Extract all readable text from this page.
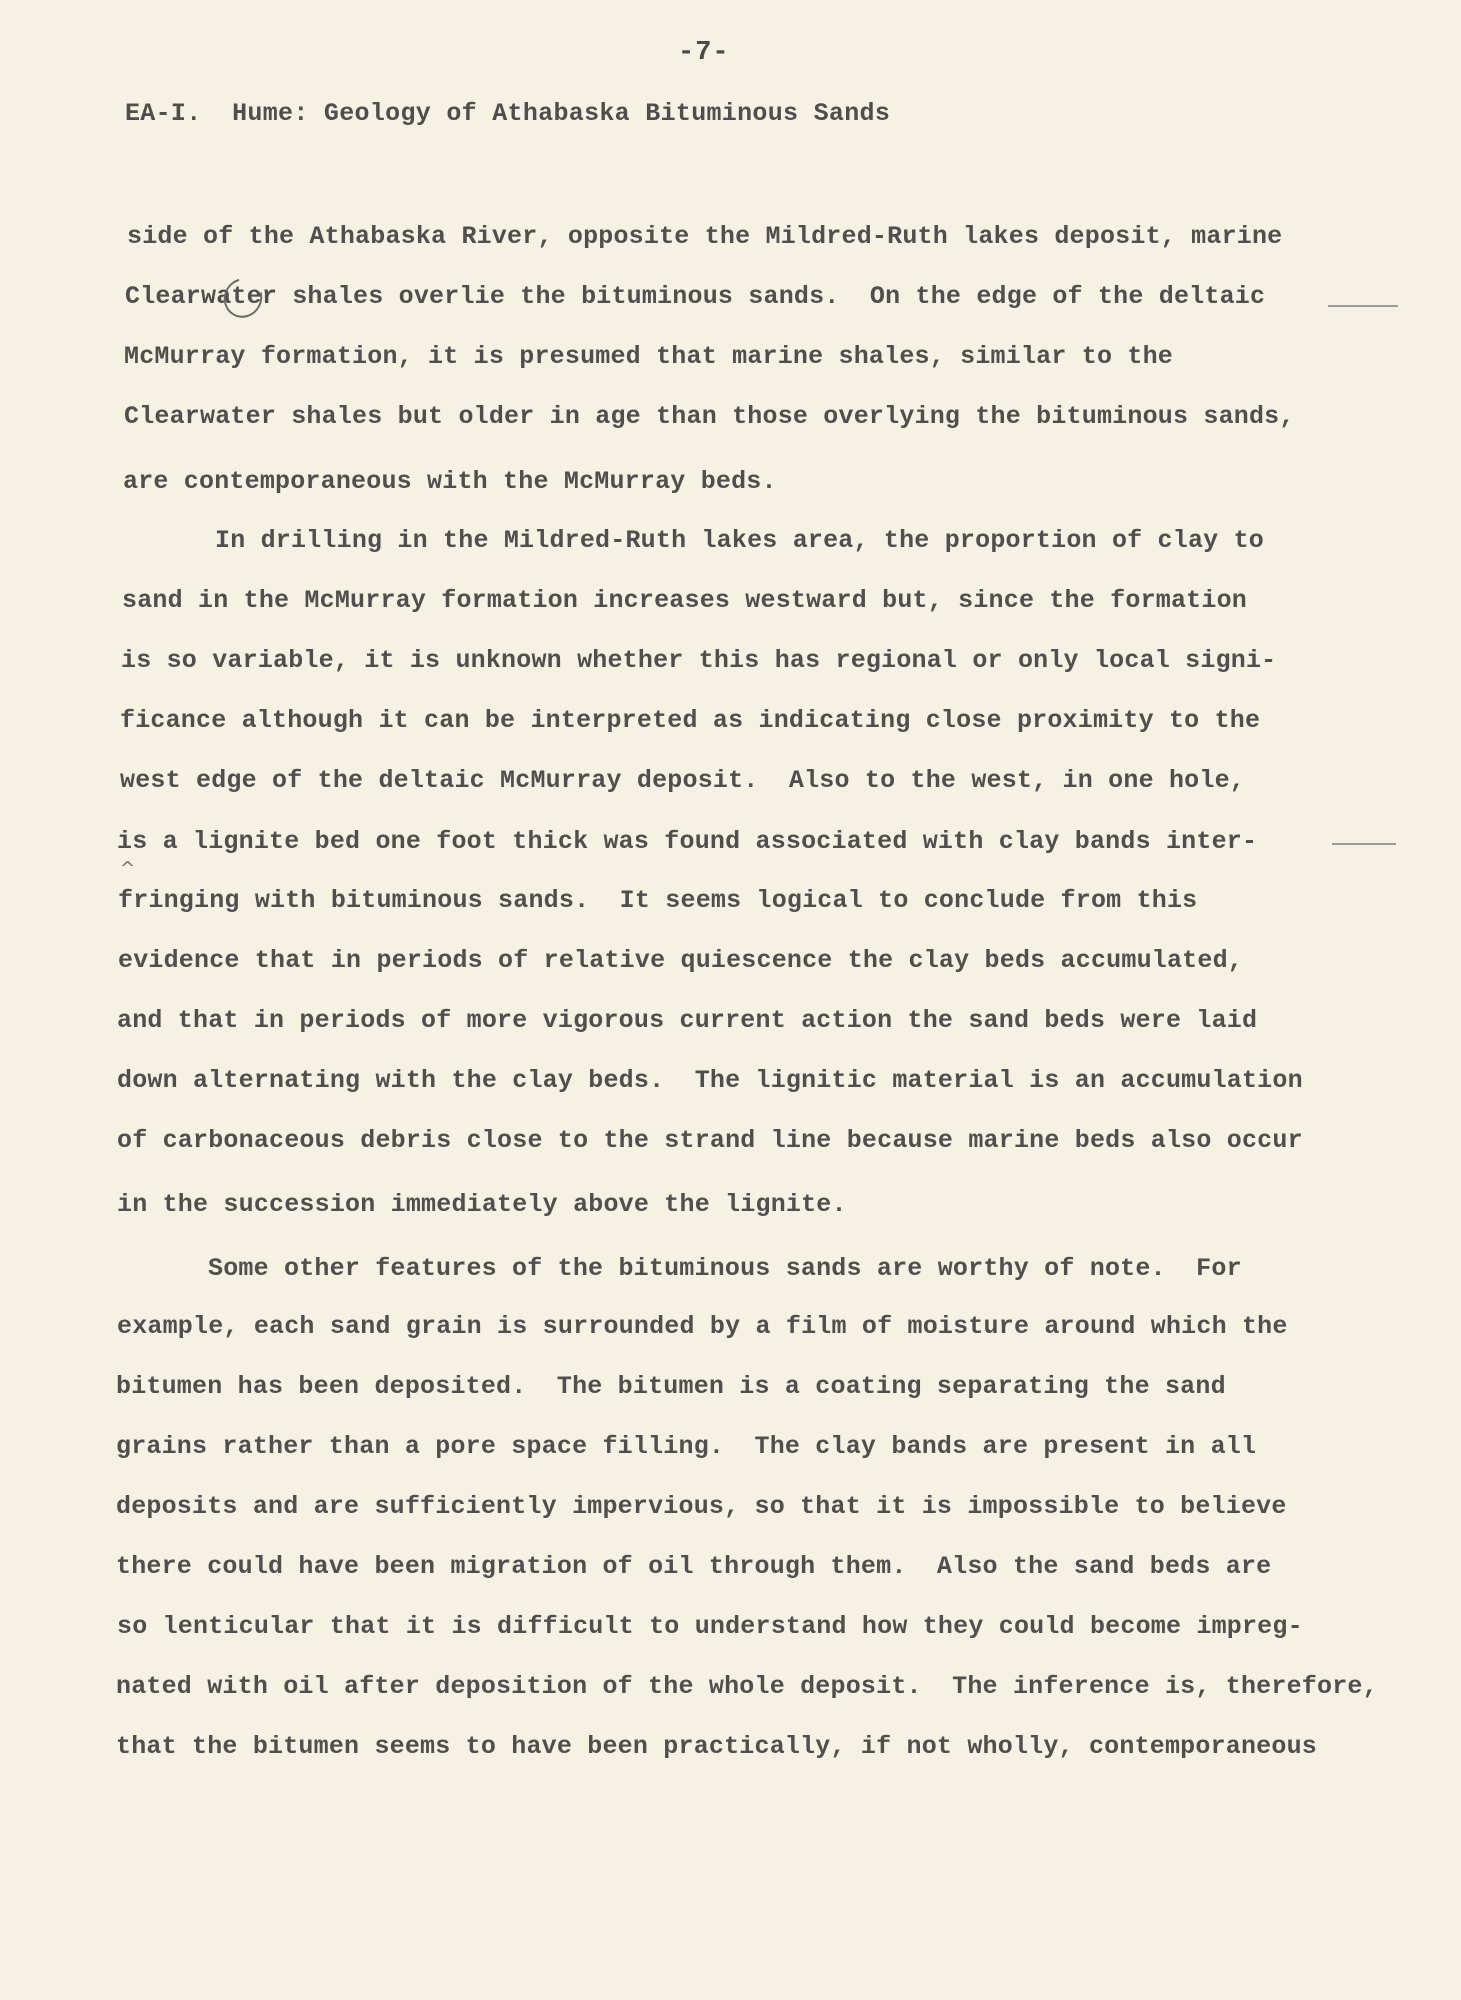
-7-
EA-I.  Hume: Geology of Athabaska Bituminous Sands
side of the Athabaska River, opposite the Mildred-Ruth lakes deposit, marine
Clearwater shales overlie the bituminous sands.  On the edge of the deltaic
McMurray formation, it is presumed that marine shales, similar to the
Clearwater shales but older in age than those overlying the bituminous sands,
are contemporaneous with the McMurray beds.
In drilling in the Mildred-Ruth lakes area, the proportion of clay to
sand in the McMurray formation increases westward but, since the formation
is so variable, it is unknown whether this has regional or only local signi-
ficance although it can be interpreted as indicating close proximity to the
west edge of the deltaic McMurray deposit.  Also to the west, in one hole,
is a lignite bed one foot thick was found associated with clay bands inter-
fringing with bituminous sands.  It seems logical to conclude from this
evidence that in periods of relative quiescence the clay beds accumulated,
and that in periods of more vigorous current action the sand beds were laid
down alternating with the clay beds.  The lignitic material is an accumulation
of carbonaceous debris close to the strand line because marine beds also occur
in the succession immediately above the lignite.
Some other features of the bituminous sands are worthy of note.  For
example, each sand grain is surrounded by a film of moisture around which the
bitumen has been deposited.  The bitumen is a coating separating the sand
grains rather than a pore space filling.  The clay bands are present in all
deposits and are sufficiently impervious, so that it is impossible to believe
there could have been migration of oil through them.  Also the sand beds are
so lenticular that it is difficult to understand how they could become impreg-
nated with oil after deposition of the whole deposit.  The inference is, therefore,
that the bitumen seems to have been practically, if not wholly, contemporaneous
^
